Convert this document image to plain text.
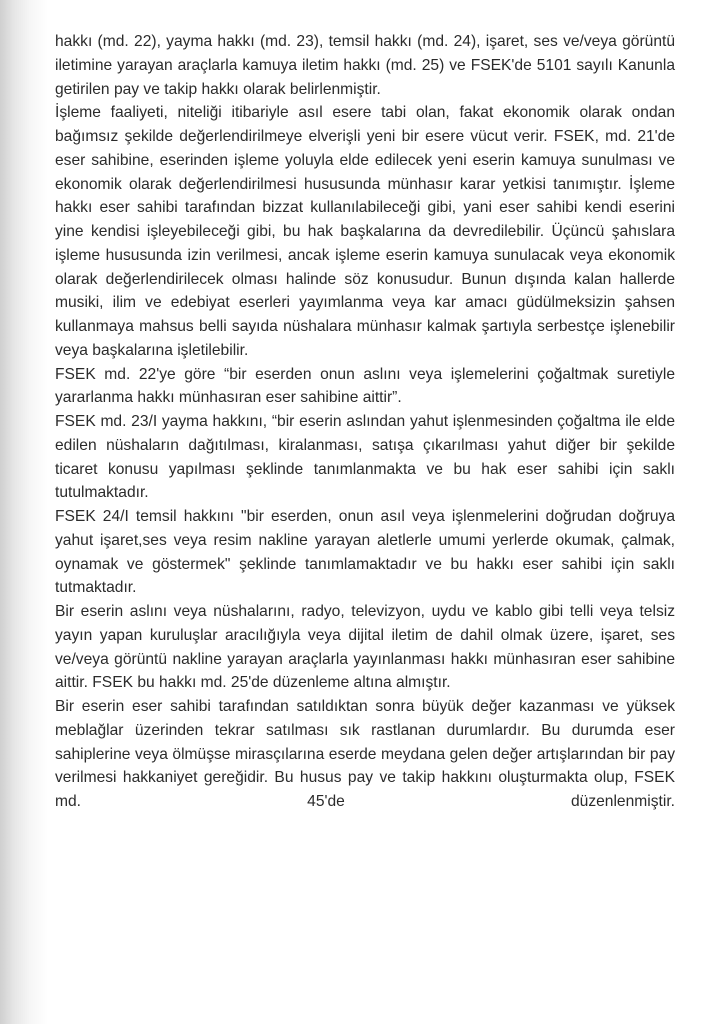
hakkı (md. 22), yayma hakkı (md. 23), temsil hakkı (md. 24), işaret, ses ve/veya görüntü iletimine yarayan araçlarla kamuya iletim hakkı (md. 25) ve FSEK'de 5101 sayılı Kanunla getirilen pay ve takip hakkı olarak belirlenmiştir.

İşleme faaliyeti, niteliği itibariyle asıl esere tabi olan, fakat ekonomik olarak ondan bağımsız şekilde değerlendirilmeye elverişli yeni bir esere vücut verir. FSEK, md. 21'de eser sahibine, eserinden işleme yoluyla elde edilecek yeni eserin kamuya sunulması ve ekonomik olarak değerlendirilmesi hususunda münhasır karar yetkisi tanımıştır. İşleme hakkı eser sahibi tarafından bizzat kullanılabileceği gibi, yani eser sahibi kendi eserini yine kendisi işleyebileceği gibi, bu hak başkalarına da devredilebilir. Üçüncü şahıslara işleme hususunda izin verilmesi, ancak işleme eserin kamuya sunulacak veya ekonomik olarak değerlendirilecek olması halinde söz konusudur. Bunun dışında kalan hallerde musiki, ilim ve edebiyat eserleri yayımlanma veya kar amacı güdülmeksizin şahsen kullanmaya mahsus belli sayıda nüshalara münhasır kalmak şartıyla serbestçe işlenebilir veya başkalarına işletilebilir.

FSEK md. 22'ye göre “bir eserden onun aslını veya işlemelerini çoğaltmak suretiyle yararlanma hakkı münhasıran eser sahibine aittir”.

FSEK md. 23/I yayma hakkını, “bir eserin aslından yahut işlenmesinden çoğaltma ile elde edilen nüshaların dağıtılması, kiralanması, satışa çıkarılması yahut diğer bir şekilde ticaret konusu yapılması şeklinde tanımlanmakta ve bu hak eser sahibi için saklı tutulmaktadır.

FSEK 24/I temsil hakkını "bir eserden, onun asıl veya işlenmelerini doğrudan doğruya yahut işaret,ses veya resim nakline yarayan aletlerle umumi yerlerde okumak, çalmak, oynamak ve göstermek" şeklinde tanımlamaktadır ve bu hakkı eser sahibi için saklı tutmaktadır.

Bir eserin aslını veya nüshalarını, radyo, televizyon, uydu ve kablo gibi telli veya telsiz yayın yapan kuruluşlar aracılığıyla veya dijital iletim de dahil olmak üzere, işaret, ses ve/veya görüntü nakline yarayan araçlarla yayınlanması hakkı münhasıran eser sahibine aittir. FSEK bu hakkı md. 25'de düzenleme altına almıştır.

Bir eserin eser sahibi tarafından satıldıktan sonra büyük değer kazanması ve yüksek meblağlar üzerinden tekrar satılması sık rastlanan durumlardır. Bu durumda eser sahiplerine veya ölmüşse mirasçılarına eserde meydana gelen değer artışlarından bir pay verilmesi hakkaniyet gereğidir. Bu husus pay ve takip hakkını oluşturmakta olup, FSEK md. 45'de düzenlenmiştir.
